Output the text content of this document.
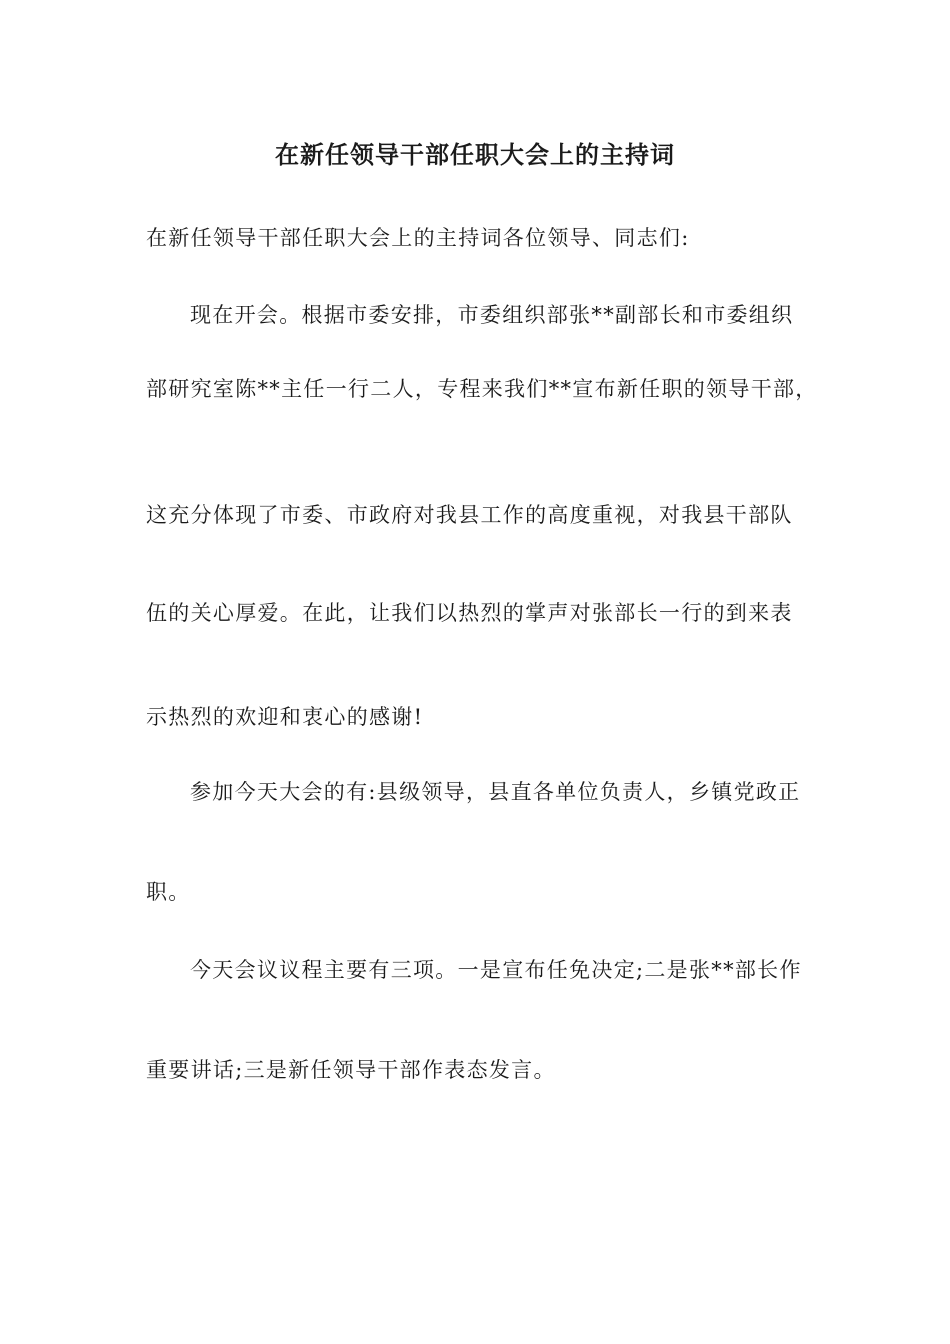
在新任领导干部任职大会上的主持词
在新任领导干部任职大会上的主持词各位领导、同志们:
现在开会。根据市委安排，市委组织部张**副部长和市委组织
部研究室陈**主任一行二人，专程来我们**宣布新任职的领导干部，
这充分体现了市委、市政府对我县工作的高度重视，对我县干部队
伍的关心厚爱。在此，让我们以热烈的掌声对张部长一行的到来表
示热烈的欢迎和衷心的感谢!
参加今天大会的有:县级领导，县直各单位负责人，乡镇党政正
职。
今天会议议程主要有三项。一是宣布任免决定;二是张**部长作
重要讲话;三是新任领导干部作表态发言。
